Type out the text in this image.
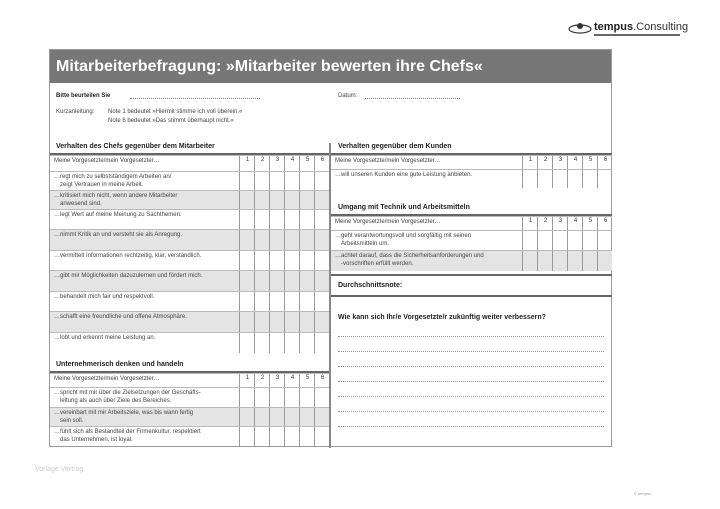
tempus.Consulting
Mitarbeiterbefragung: »Mitarbeiter bewerten ihre Chefs«
Bitte beurteilen Sie	Datum:
Kurzanleitung: Note 1 bedeutet »Hiermit stimme ich voll überein.«
Note 6 bedeutet »Das stimmt überhaupt nicht.«
Verhalten des Chefs gegenüber dem Mitarbeiter
Meine Vorgesetzte/mein Vorgesetzter…	1	2	3	4	5	6
…regt mich zu selbstständigem Arbeiten an/
zeigt Vertrauen in meine Arbeit.
…kritisiert mich nicht, wenn andere Mitarbeiter
anwesend sind.
…legt Wert auf meine Meinung zu Sachthemen.
…nimmt Kritik an und versteht sie als Anregung.
…vermittelt Informationen rechtzeitig, klar, verständlich.
…gibt mir Möglichkeiten dazuzulernen und fördert mich.
…behandelt mich fair und respektvoll.
…schafft eine freundliche und offene Atmosphäre.
…lobt und erkennt meine Leistung an.
Unternehmerisch denken und handeln
Meine Vorgesetzte/mein Vorgesetzter…	1	2	3	4	5	6
…spricht mit mir über die Zielsetzungen der Geschäfts-
leitung als auch über Ziele des Bereiches.
…vereinbart mit mir Arbeitsziele, was bis wann fertig
sein soll.
…fühlt sich als Bestandteil der Firmenkultur, respektiert
das Unternehmen, ist loyal.
Verhalten gegenüber dem Kunden
Meine Vorgesetzte/mein Vorgesetzter…	1	2	3	4	5	6
…will unseren Kunden eine gute Leistung anbieten.
Umgang mit Technik und Arbeitsmitteln
Meine Vorgesetzte/mein Vorgesetzter…	1	2	3	4	5	6
…geht verantwortungsvoll und sorgfältig mit seinen
Arbeitsmitteln um.
…achtet darauf, dass die Sicherheitsanforderungen und
-vorschriften erfüllt werden.
Durchschnittsnote:
Wie kann sich Ihr/e Vorgesetzte/r zukünftig weiter verbessern?
Vorlage Vertrag
© tempus
